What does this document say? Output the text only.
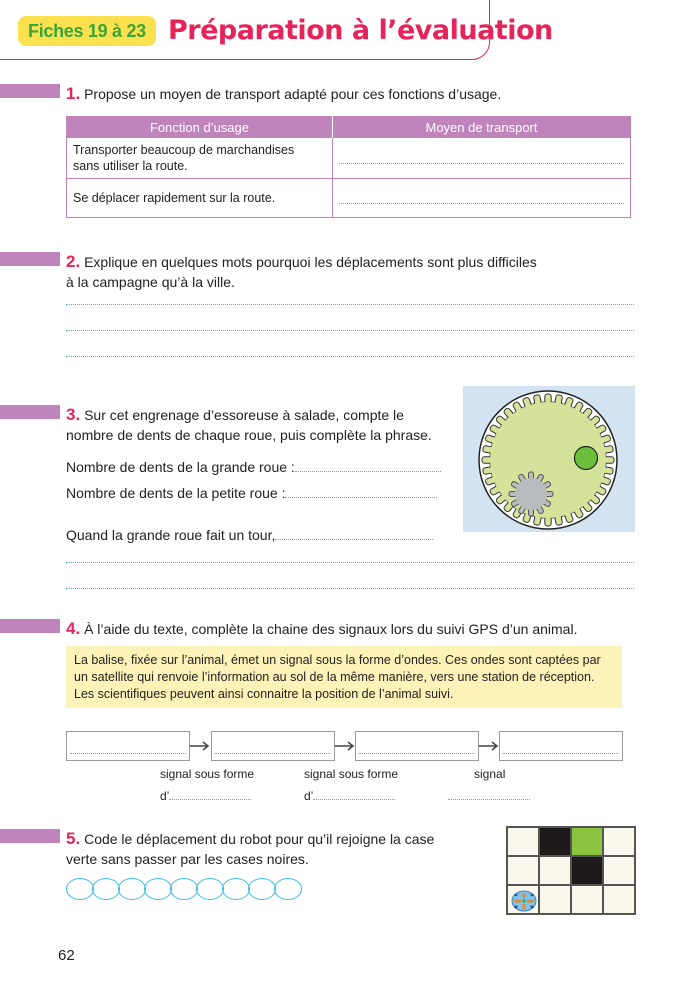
Fiches 19 à 23 Préparation à l’évaluation
1. Propose un moyen de transport adapté pour ces fonctions d’usage.
Fonction d’usage	Moyen de transport

Transporter beaucoup de marchandises sans utiliser la route.	

Se déplacer rapidement sur la route.	
2. Explique en quelques mots pourquoi les déplacements sont plus difficiles
à la campagne qu’à la ville.
3. Sur cet engrenage d’essoreuse à salade, compte le
nombre de dents de chaque roue, puis complète la phrase.
Nombre de dents de la grande roue :
Nombre de dents de la petite roue :
Quand la grande roue fait un tour,
4. À l’aide du texte, complète la chaine des signaux lors du suivi GPS d’un animal.
La balise, fixée sur l’animal, émet un signal sous la forme d’ondes. Ces ondes sont captées par
un satellite qui renvoie l’information au sol de la même manière, vers une station de réception.
Les scientifiques peuvent ainsi connaitre la position de l’animal suivi.
signal sous forme
d’
signal sous forme
d’
signal
5. Code le déplacement du robot pour qu’il rejoigne la case
verte sans passer par les cases noires.
62
